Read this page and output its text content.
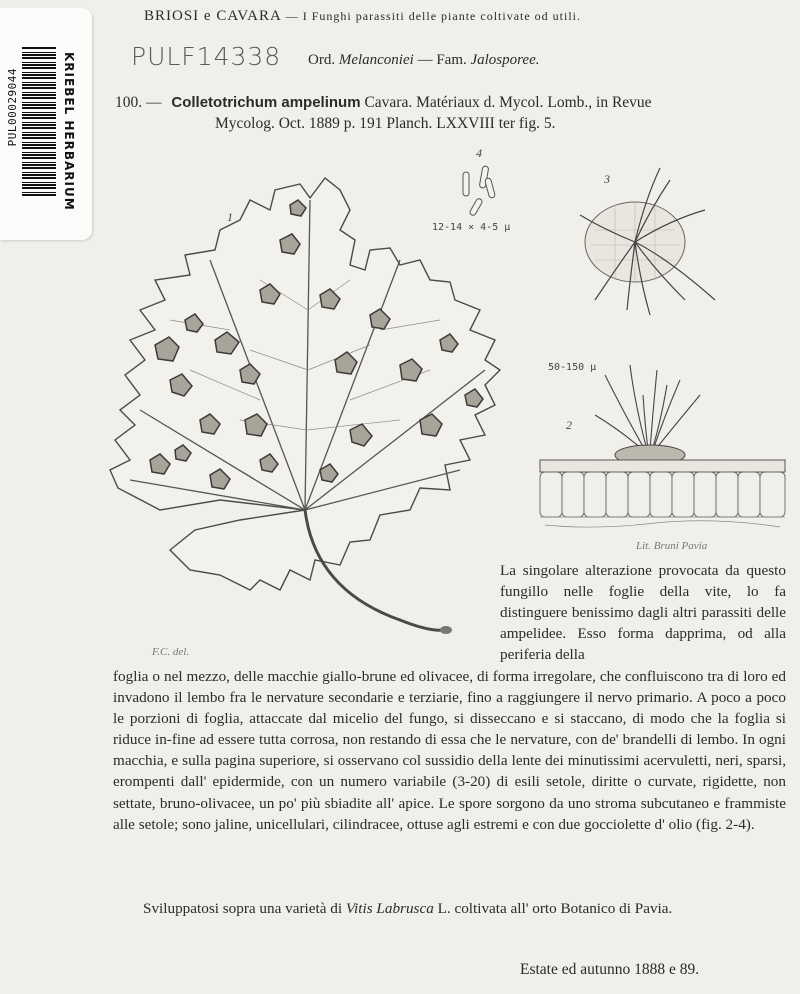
PUL00029044	KRIEBEL HERBARIUM
BRIOSI e CAVARA — I Funghi parassiti delle piante coltivate od utili.
PULF14338 Ord. Melanconiei — Fam. Jalosporee.
100. — Colletotrichum ampelinum Cavara. Matériaux d. Mycol. Lomb., in Revue
Mycolog. Oct. 1889 p. 191 Planch. LXXVIII ter fig. 5.
1
4
12-14 × 4-5 µ
3
2
50-150 µ
Lit. Bruni Pavia
F.C. del.
La singolare alterazione provocata da questo fungillo nelle foglie della vite, lo fa distinguere benissimo dagli altri parassiti delle ampelidee. Esso forma dapprima, od alla periferia della
foglia o nel mezzo, delle macchie giallo-brune ed olivacee, di forma irregolare, che confluiscono tra di loro ed invadono il lembo fra le nervature secondarie e terziarie, fino a raggiungere il nervo primario. A poco a poco le porzioni di foglia, attaccate dal micelio del fungo, si disseccano e si staccano, di modo che la foglia si riduce in-fine ad essere tutta corrosa, non restando di essa che le nervature, con de' brandelli di lembo. In ogni macchia, e sulla pagina superiore, si osservano col sussidio della lente dei minutissimi acervuletti, neri, sparsi, erompenti dall' epidermide, con un numero variabile (3-20) di esili setole, diritte o curvate, rigidette, non settate, bruno-olivacee, un po' più sbiadite all' apice. Le spore sorgono da uno stroma subcutaneo e frammiste alle setole; sono jaline, unicellulari, cilindracee, ottuse agli estremi e con due gocciolette d' olio (fig. 2-4).
Sviluppatosi sopra una varietà di Vitis Labrusca L. coltivata all' orto Botanico di Pavia.
Estate ed autunno 1888 e 89.
